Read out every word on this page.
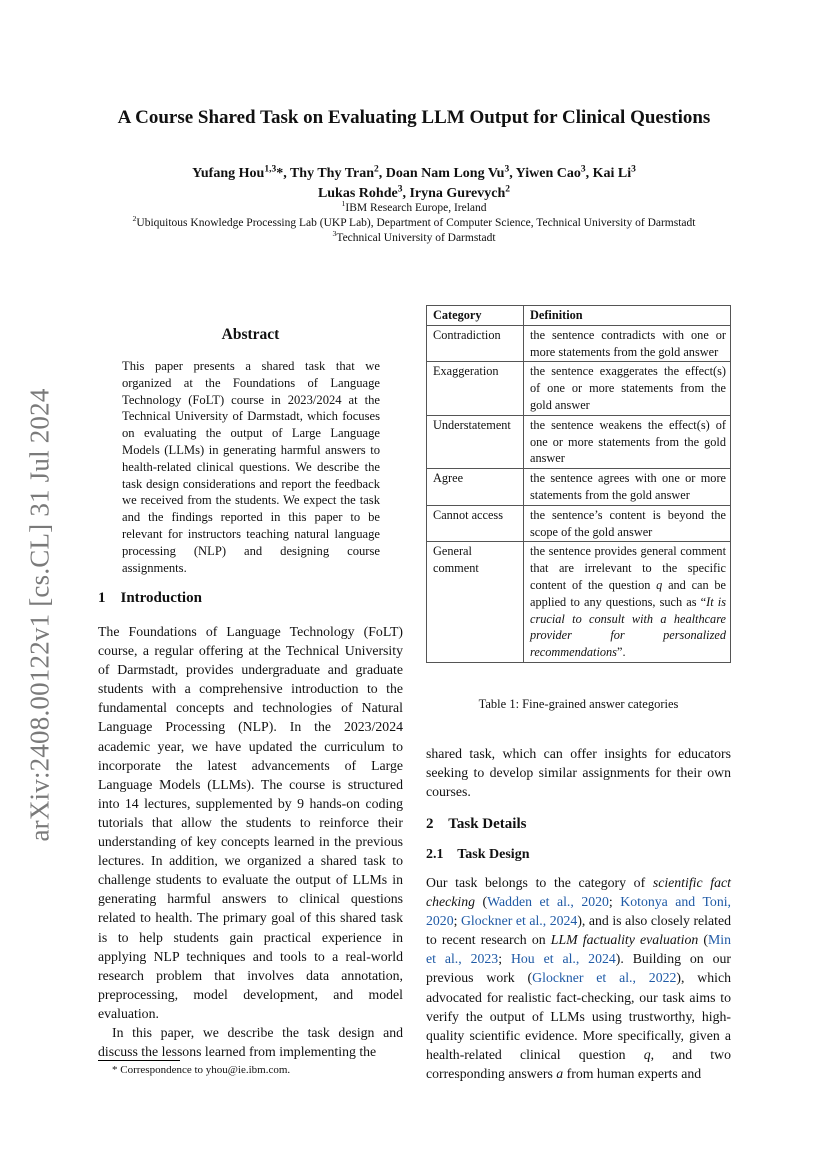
A Course Shared Task on Evaluating LLM Output for Clinical Questions
Yufang Hou$^{1,3}$*, Thy Thy Tran$^2$, Doan Nam Long Vu$^3$, Yiwen Cao$^3$, Kai Li$^3$
Lukas Rohde$^3$, Iryna Gurevych$^2$
$^1$IBM Research Europe, Ireland
$^2$Ubiquitous Knowledge Processing Lab (UKP Lab), Department of Computer Science, Technical University of Darmstadt
$^3$Technical University of Darmstadt
arXiv:2408.00122v1 [cs.CL] 31 Jul 2024
Abstract
This paper presents a shared task that we organized at the Foundations of Language Technology (FoLT) course in 2023/2024 at the Technical University of Darmstadt, which focuses on evaluating the output of Large Language Models (LLMs) in generating harmful answers to health-related clinical questions. We describe the task design considerations and report the feedback we received from the students. We expect the task and the findings reported in this paper to be relevant for instructors teaching natural language processing (NLP) and designing course assignments.
1 Introduction

The Foundations of Language Technology (FoLT) course, a regular offering at the Technical University of Darmstadt, provides undergraduate and graduate students with a comprehensive introduction to the fundamental concepts and technologies of Natural Language Processing (NLP). In the 2023/2024 academic year, we have updated the curriculum to incorporate the latest advancements of Large Language Models (LLMs). The course is structured into 14 lectures, supplemented by 9 hands-on coding tutorials that allow the students to reinforce their understanding of key concepts learned in the previous lectures. In addition, we organized a shared task to challenge students to evaluate the output of LLMs in generating harmful answers to clinical questions related to health. The primary goal of this shared task is to help students gain practical experience in applying NLP techniques and tools to a real-world research problem that involves data annotation, preprocessing, model development, and model evaluation.

In this paper, we describe the task design and discuss the lessons learned from implementing the

* Correspondence to yhou@ie.ibm.com.
Category	Definition
Contradiction	the sentence contradicts with one or more statements from the gold answer
Exaggeration	the sentence exaggerates the effect(s) of one or more statements from the gold answer
Understatement	the sentence weakens the effect(s) of one or more statements from the gold answer
Agree	the sentence agrees with one or more statements from the gold answer
Cannot access	the sentence’s content is beyond the scope of the gold answer
General comment	the sentence provides general comment that are irrelevant to the specific content of the question q and can be applied to any questions, such as “It is crucial to consult with a healthcare provider for personalized recommendations”.
Table 1: Fine-grained answer categories
shared task, which can offer insights for educators seeking to develop similar assignments for their own courses.
2 Task Details
2.1 Task Design
Our task belongs to the category of scientific fact checking (Wadden et al., 2020; Kotonya and Toni, 2020; Glockner et al., 2024), and is also closely related to recent research on LLM factuality evaluation (Min et al., 2023; Hou et al., 2024). Building on our previous work (Glockner et al., 2022), which advocated for realistic fact-checking, our task aims to verify the output of LLMs using trustworthy, high-quality scientific evidence. More specifically, given a health-related clinical question q, and two corresponding answers a from human experts and
